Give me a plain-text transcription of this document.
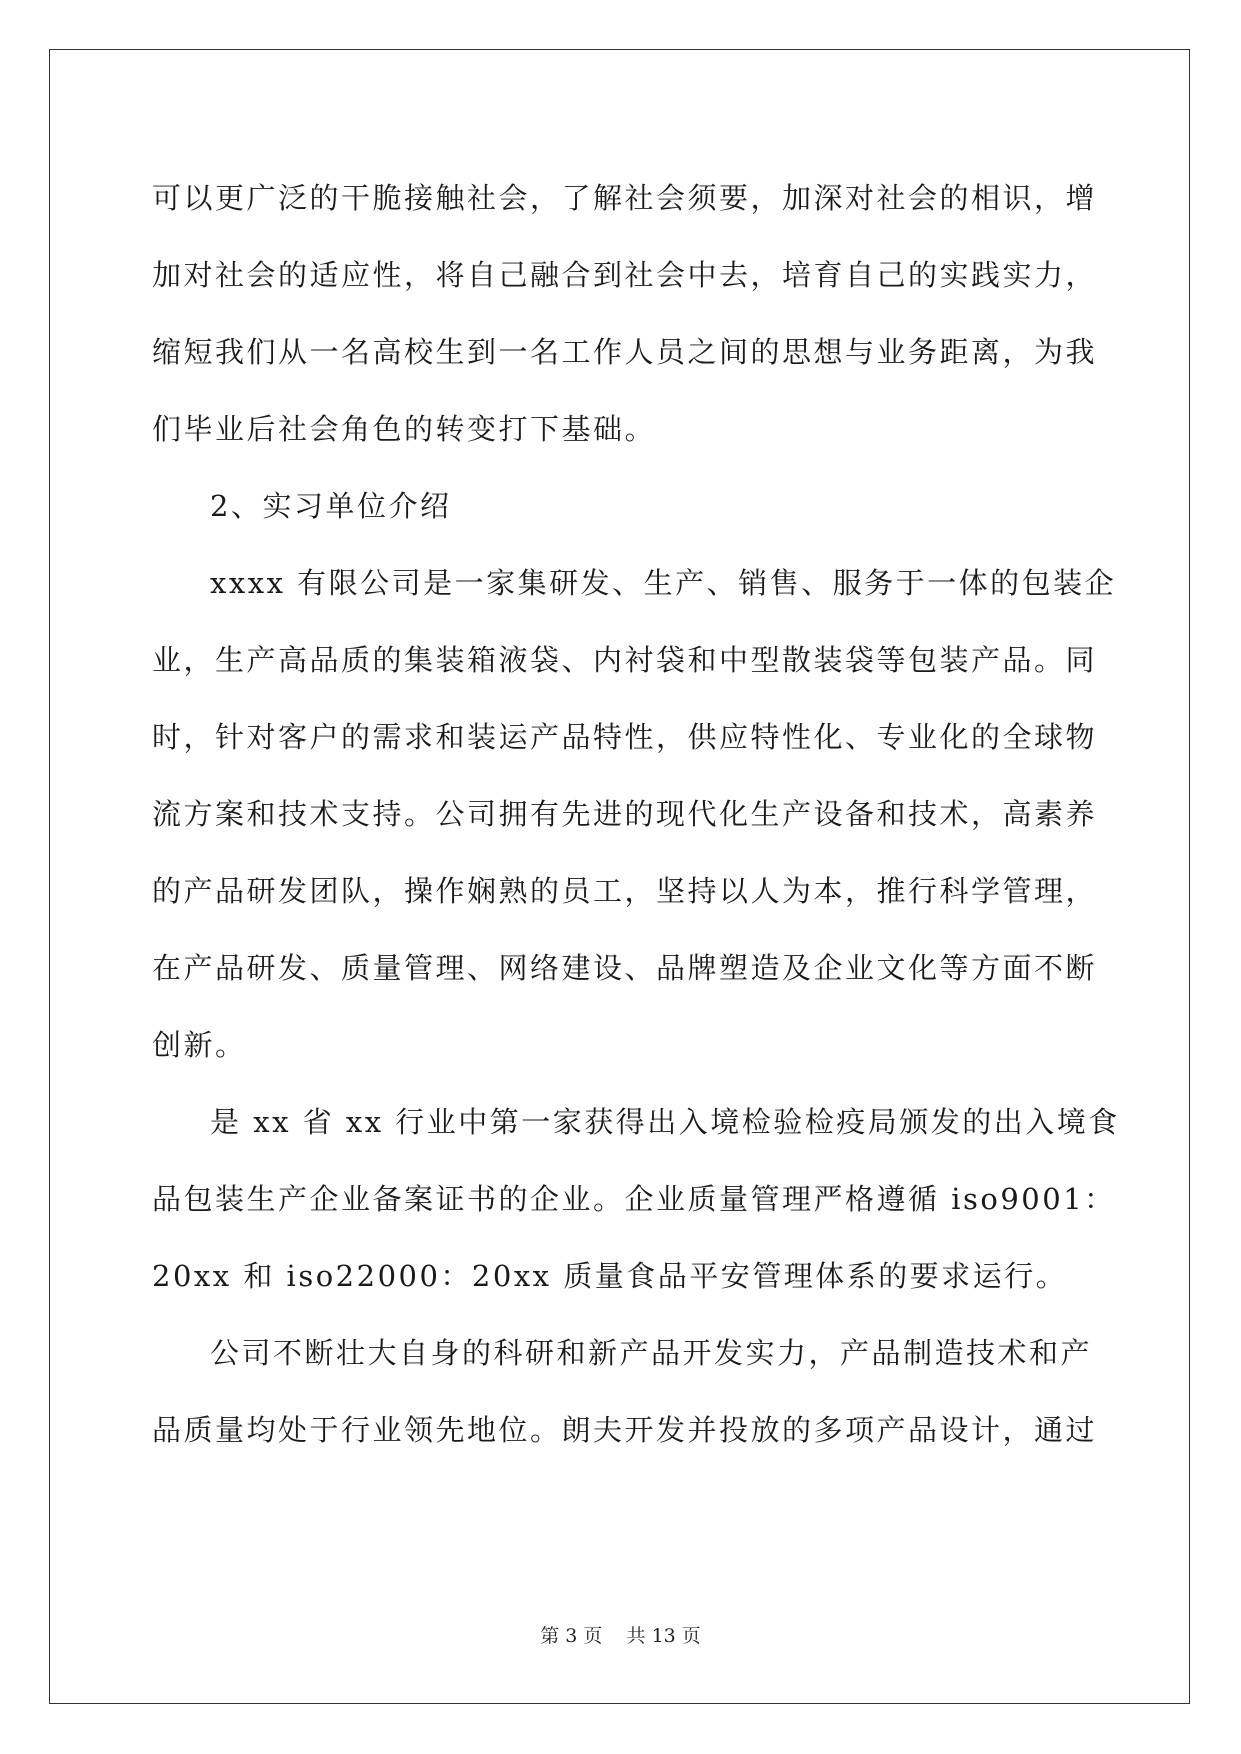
可以更广泛的干脆接触社会，了解社会须要，加深对社会的相识，增
加对社会的适应性，将自己融合到社会中去，培育自己的实践实力，
缩短我们从一名高校生到一名工作人员之间的思想与业务距离，为我
们毕业后社会角色的转变打下基础。

2、实习单位介绍

xxxx 有限公司是一家集研发、生产、销售、服务于一体的包装企
业，生产高品质的集装箱液袋、内衬袋和中型散装袋等包装产品。同
时，针对客户的需求和装运产品特性，供应特性化、专业化的全球物
流方案和技术支持。公司拥有先进的现代化生产设备和技术，高素养
的产品研发团队，操作娴熟的员工，坚持以人为本，推行科学管理，
在产品研发、质量管理、网络建设、品牌塑造及企业文化等方面不断
创新。

是 xx 省 xx 行业中第一家获得出入境检验检疫局颁发的出入境食
品包装生产企业备案证书的企业。企业质量管理严格遵循 iso9001：
20xx 和 iso22000：20xx 质量食品平安管理体系的要求运行。

公司不断壮大自身的科研和新产品开发实力，产品制造技术和产
品质量均处于行业领先地位。朗夫开发并投放的多项产品设计，通过

第 3 页 共 13 页
